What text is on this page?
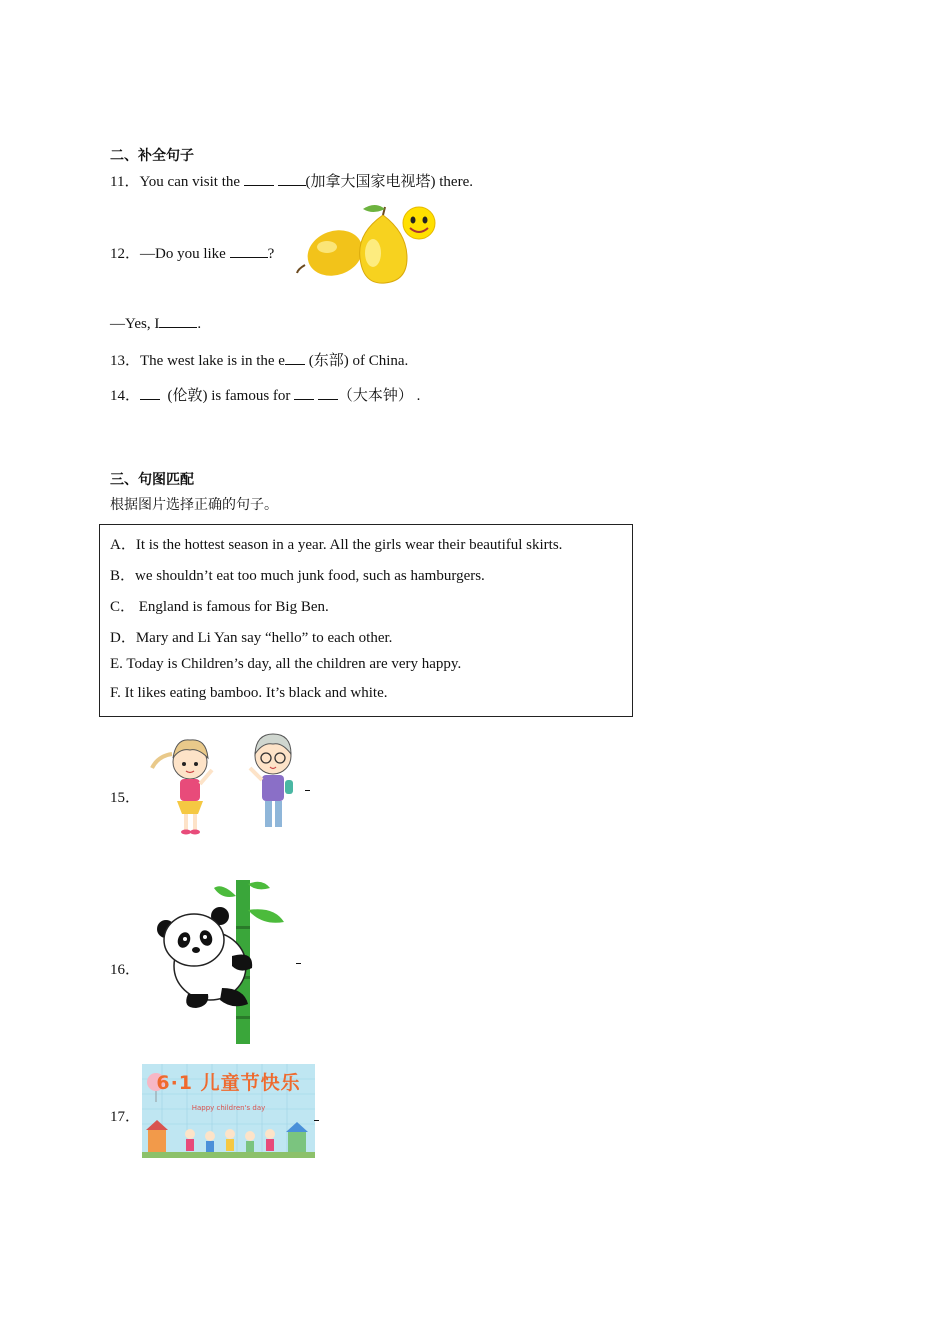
二、补全句子
11．You can visit the	(加拿大国家电视塔) there.
12．—Do you like	?
—Yes, I	.
13．The west lake is in the e (东部) of China.
14．  (伦敦) is famous for	（大本钟） .
三、句图匹配
根据图片选择正确的句子。
A．It is the hottest season in a year. All the girls wear their beautiful skirts.
B．we shouldn’t eat too much junk food, such as hamburgers.
C． England is famous for Big Ben.
D．Mary and Li Yan say “hello” to each other.
E. Today is Children’s day, all the children are very happy.
F. It likes eating bamboo. It’s black and white.
15．
16．
17．
6·1 儿童节快乐
Happy children's day
